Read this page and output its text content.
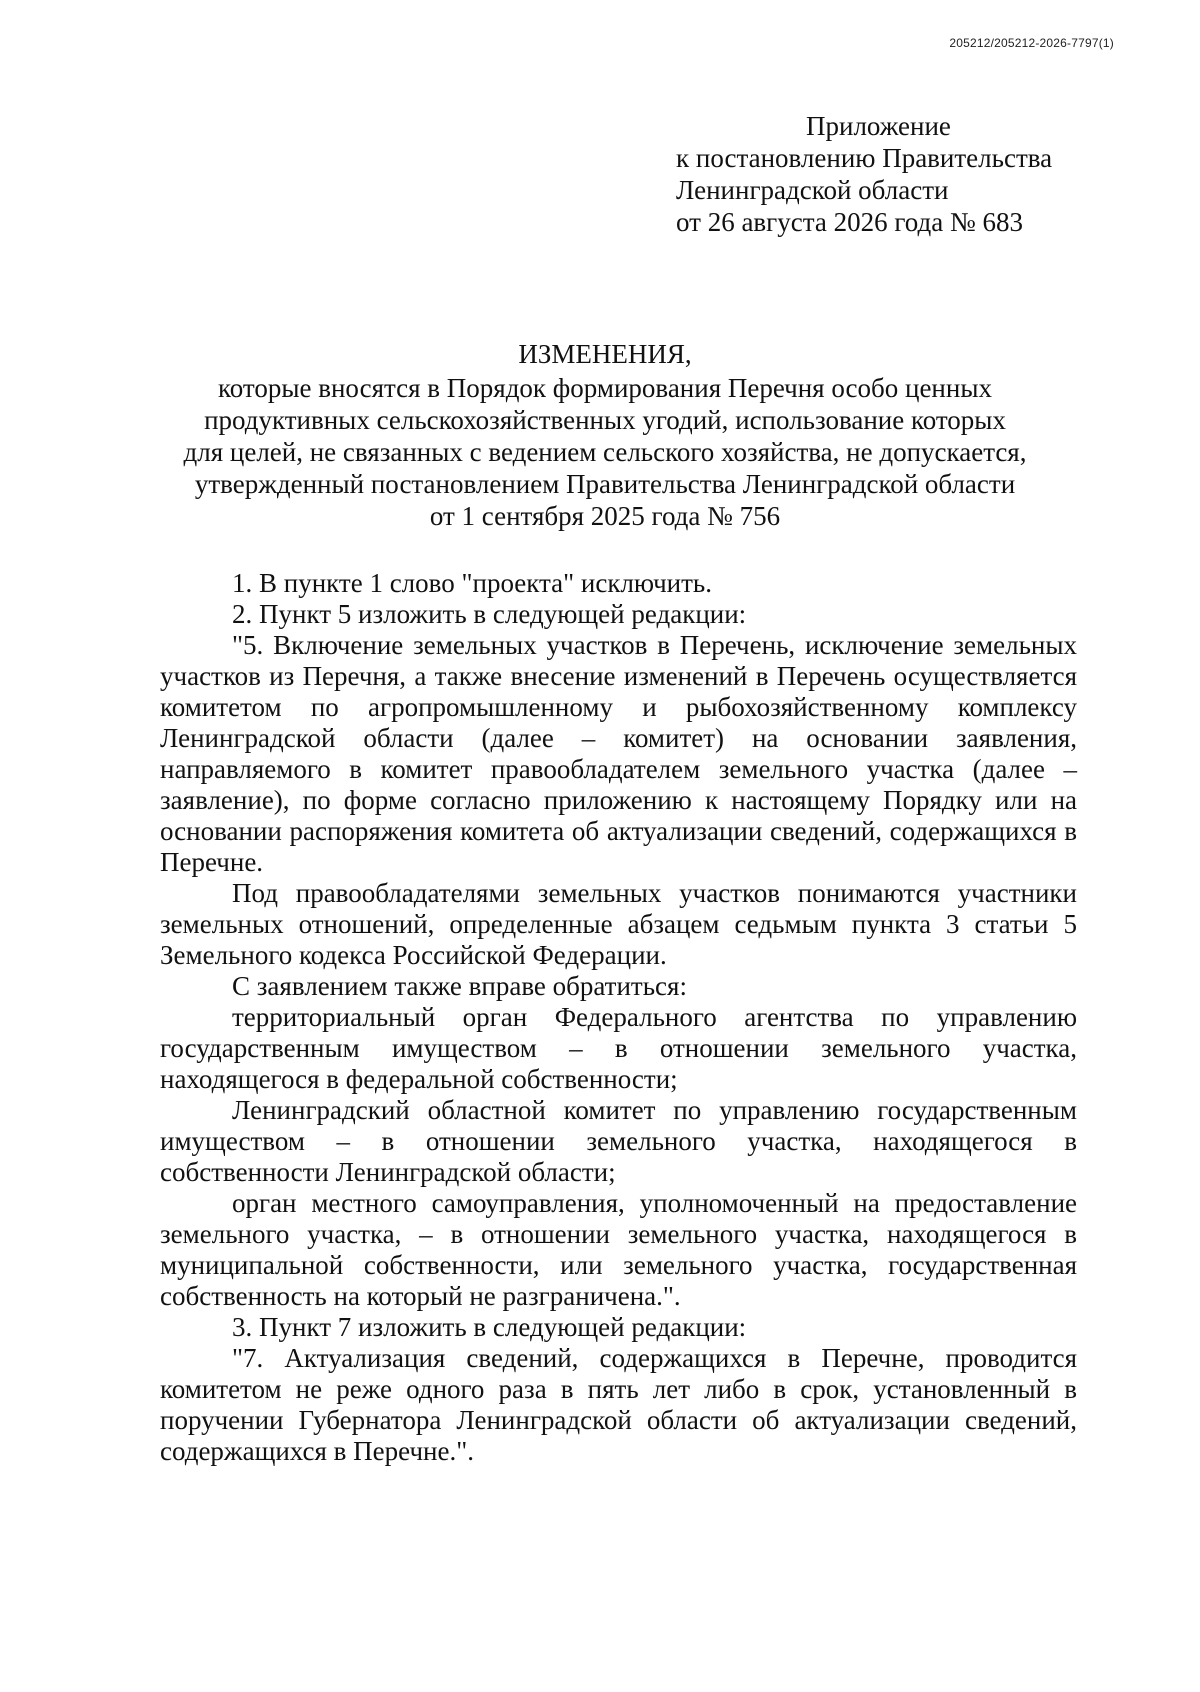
205212/205212-2026-7797(1)
Приложение
к постановлению Правительства
Ленинградской области
от 26 августа 2026 года № 683
ИЗМЕНЕНИЯ,
которые вносятся в Порядок формирования Перечня особо ценных
продуктивных сельскохозяйственных угодий, использование которых
для целей, не связанных с ведением сельского хозяйства, не допускается,
утвержденный постановлением Правительства Ленинградской области
от 1 сентября 2025 года № 756

1. В пункте 1 слово "проекта" исключить.

2. Пункт 5 изложить в следующей редакции:

"5. Включение земельных участков в Перечень, исключение земельных участков из Перечня, а также внесение изменений в Перечень осуществляется комитетом по агропромышленному и рыбохозяйственному комплексу Ленинградской области (далее – комитет) на основании заявления, направляемого в комитет правообладателем земельного участка (далее – заявление), по форме согласно приложению к настоящему Порядку или на основании распоряжения комитета об актуализации сведений, содержащихся в Перечне.

Под правообладателями земельных участков понимаются участники земельных отношений, определенные абзацем седьмым пункта 3 статьи 5 Земельного кодекса Российской Федерации.

С заявлением также вправе обратиться:

территориальный орган Федерального агентства по управлению государственным имуществом – в отношении земельного участка, находящегося в федеральной собственности;

Ленинградский областной комитет по управлению государственным имуществом – в отношении земельного участка, находящегося в собственности Ленинградской области;

орган местного самоуправления, уполномоченный на предоставление земельного участка, – в отношении земельного участка, находящегося в муниципальной собственности, или земельного участка, государственная собственность на который не разграничена.".

3. Пункт 7 изложить в следующей редакции:

"7. Актуализация сведений, содержащихся в Перечне, проводится комитетом не реже одного раза в пять лет либо в срок, установленный в поручении Губернатора Ленинградской области об актуализации сведений, содержащихся в Перечне.".
